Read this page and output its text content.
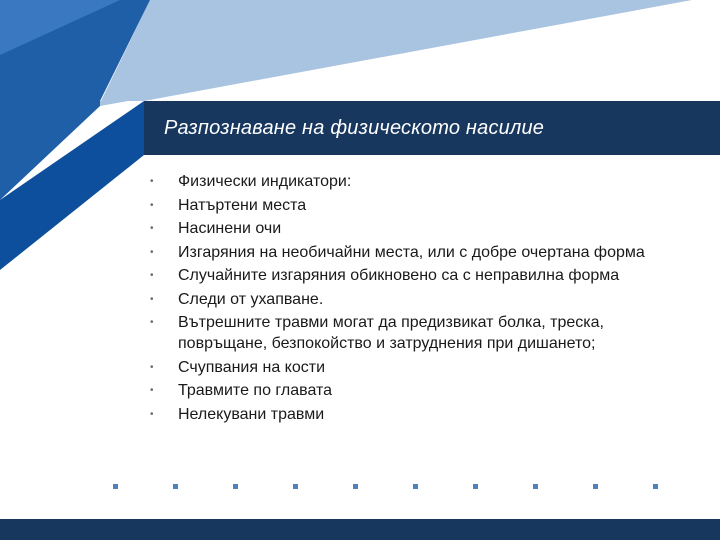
Разпознаване на физическото насилие
•	Физически индикатори:
•	Натъртени места
•	Насинени очи
•	Изгаряния на необичайни места, или с добре очертана форма
•	Случайните изгаряния обикновено са с неправилна форма
•	Следи от ухапване.
•	Вътрешните травми могат да предизвикат болка, треска, повръщане, безпокойство и затруднения при дишането;
•	Счупвания на кости
•	Травмите по главата
•	Нелекувани травми
